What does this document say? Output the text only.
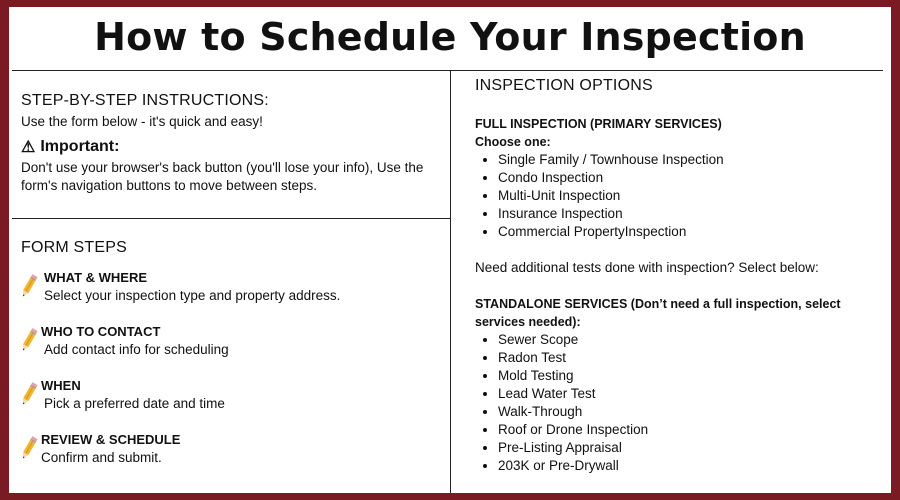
How to Schedule Your Inspection

STEP-BY-STEP INSTRUCTIONS:

Use the form below - it's quick and easy!

⚠ Important:

Don't use your browser's back button (you'll lose your info), Use the form's navigation buttons to move between steps.

FORM STEPS

WHAT & WHERE

Select your inspection type and property address.

WHO TO CONTACT

Add contact info for scheduling

WHEN

Pick a preferred date and time

REVIEW & SCHEDULE

Confirm and submit.

INSPECTION OPTIONS

FULL INSPECTION (PRIMARY SERVICES)

Choose one:

• Single Family / Townhouse Inspection
• Condo Inspection
• Multi-Unit Inspection
• Insurance Inspection
• Commercial PropertyInspection

Need additional tests done with inspection? Select below:

STANDALONE SERVICES (Don’t need a full inspection, select services needed):

• Sewer Scope
• Radon Test
• Mold Testing
• Lead Water Test
• Walk-Through
• Roof or Drone Inspection
• Pre-Listing Appraisal
• 203K or Pre-Drywall
